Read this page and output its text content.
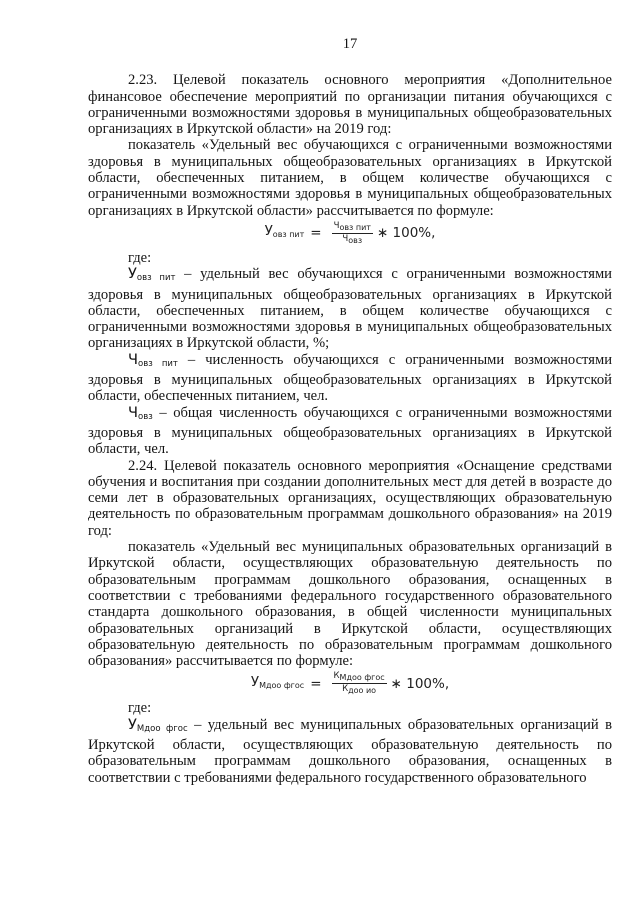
17

2.23. Целевой показатель основного мероприятия «Дополнительное финансовое обеспечение мероприятий по организации питания обучающихся с ограниченными возможностями здоровья в муниципальных общеобразовательных организациях в Иркутской области» на 2019 год:

показатель «Удельный вес обучающихся с ограниченными возможностями здоровья в муниципальных общеобразовательных организациях в Иркутской области, обеспеченных питанием, в общем количестве обучающихся с ограниченными возможностями здоровья в муниципальных общеобразовательных организациях в Иркутской области» рассчитывается по формуле:

$У_{овз пит} = \frac{Ч_{овз пит}}{Ч_{овз}}$ ∗ 100%,

где:

$У_{овз пит}$ – удельный вес обучающихся с ограниченными возможностями здоровья в муниципальных общеобразовательных организациях в Иркутской области, обеспеченных питанием, в общем количестве обучающихся с ограниченными возможностями здоровья в муниципальных общеобразовательных организациях в Иркутской области, %;

$Ч_{овз пит}$ – численность обучающихся с ограниченными возможностями здоровья в муниципальных общеобразовательных организациях в Иркутской области, обеспеченных питанием, чел.

$Ч_{овз}$ – общая численность обучающихся с ограниченными возможностями здоровья в муниципальных общеобразовательных организациях в Иркутской области, чел.

2.24. Целевой показатель основного мероприятия «Оснащение средствами обучения и воспитания при создании дополнительных мест для детей в возрасте до семи лет в образовательных организациях, осуществляющих образовательную деятельность по образовательным программам дошкольного образования» на 2019 год:

показатель «Удельный вес муниципальных образовательных организаций в Иркутской области, осуществляющих образовательную деятельность по образовательным программам дошкольного образования, оснащенных в соответствии с требованиями федерального государственного образовательного стандарта дошкольного образования, в общей численности муниципальных образовательных организаций в Иркутской области, осуществляющих образовательную деятельность по образовательным программам дошкольного образования» рассчитывается по формуле:

$У_{Мдоо фгос} = \frac{К_{Мдоо фгос}}{К_{доо ио}}$ ∗ 100%,

где:

$У_{Мдоо фгос}$ – удельный вес муниципальных образовательных организаций в Иркутской области, осуществляющих образовательную деятельность по образовательным программам дошкольного образования, оснащенных в соответствии с требованиями федерального государственного образовательного
